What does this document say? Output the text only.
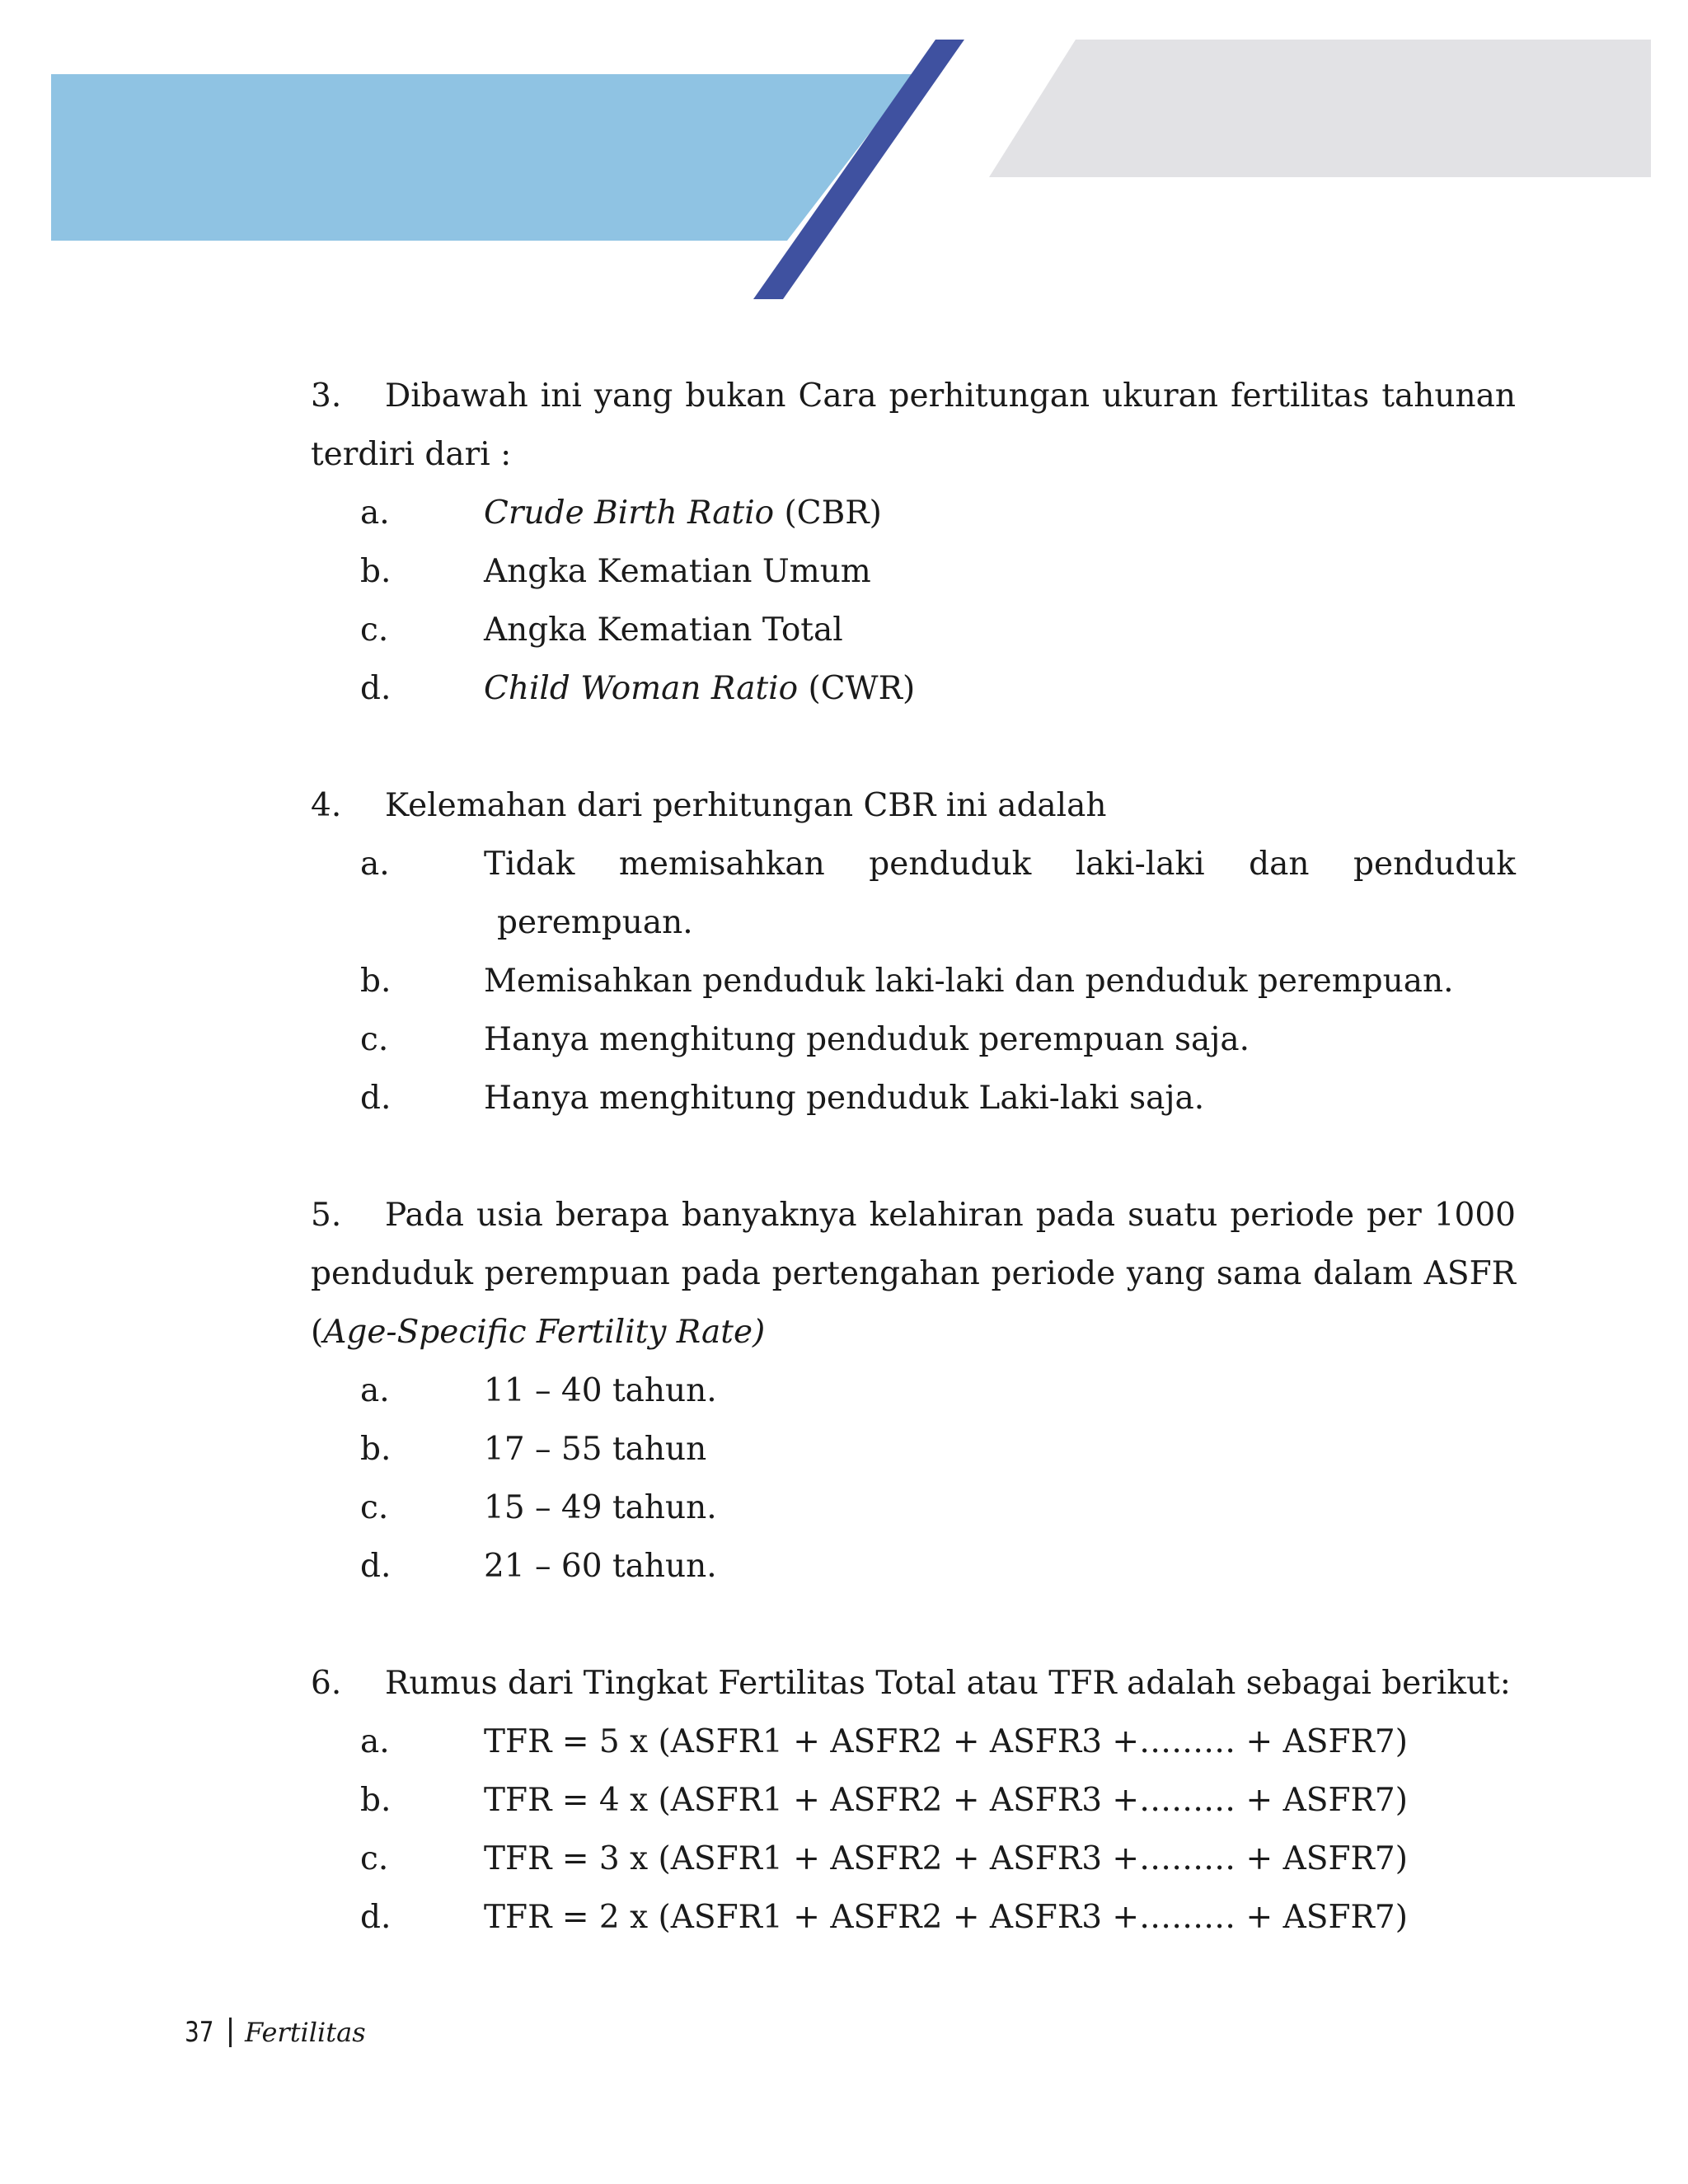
3. Dibawah ini yang bukan Cara perhitungan ukuran fertilitas tahunan terdiri dari :
a.	Crude Birth Ratio (CBR)
b.	Angka Kematian Umum
c.	Angka Kematian Total
d.	Child Woman Ratio (CWR)
4. Kelemahan dari perhitungan CBR ini adalah
a.	Tidak memisahkan penduduk laki-laki dan penduduk
perempuan.
b.	Memisahkan penduduk laki-laki dan penduduk perempuan.
c.	Hanya menghitung penduduk perempuan saja.
d.	Hanya menghitung penduduk Laki-laki saja.
5. Pada usia berapa banyaknya kelahiran pada suatu periode per 1000 penduduk perempuan pada pertengahan periode yang sama dalam ASFR (Age-Specific Fertility Rate)
a.	11 – 40 tahun.
b.	17 – 55 tahun
c.	15 – 49 tahun.
d.	21 – 60 tahun.
6. Rumus dari Tingkat Fertilitas Total atau TFR adalah sebagai berikut:
a.	TFR = 5 x (ASFR1 + ASFR2 + ASFR3 +……… + ASFR7)
b.	TFR = 4 x (ASFR1 + ASFR2 + ASFR3 +……… + ASFR7)
c.	TFR = 3 x (ASFR1 + ASFR2 + ASFR3 +……… + ASFR7)
d.	TFR = 2 x (ASFR1 + ASFR2 + ASFR3 +……… + ASFR7)
37 Fertilitas
